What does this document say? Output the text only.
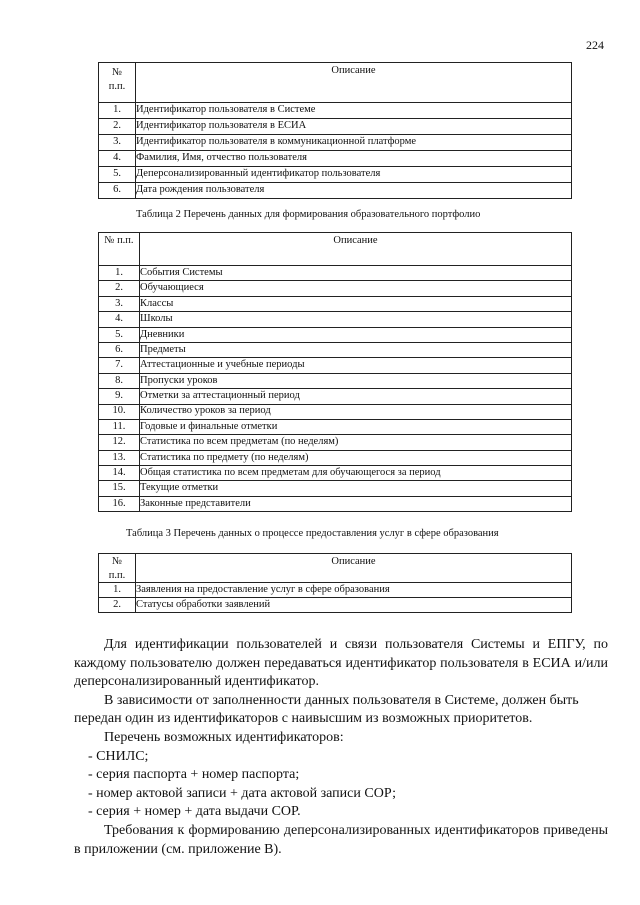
224
№
п.п.	Описание
1.	Идентификатор пользователя в Системе
2.	Идентификатор пользователя в ЕСИА
3.	Идентификатор пользователя в коммуникационной платформе
4.	Фамилия, Имя, отчество пользователя
5.	Деперсонализированный идентификатор пользователя
6.	Дата рождения пользователя
Таблица 2 Перечень данных для формирования образовательного портфолио
№ п.п.	Описание
1.	События Системы
2.	Обучающиеся
3.	Классы
4.	Школы
5.	Дневники
6.	Предметы
7.	Аттестационные и учебные периоды
8.	Пропуски уроков
9.	Отметки за аттестационный период
10.	Количество уроков за период
11.	Годовые и финальные отметки
12.	Статистика по всем предметам (по неделям)
13.	Статистика по предмету (по неделям)
14.	Общая статистика по всем предметам для обучающегося за период
15.	Текущие отметки
16.	Законные представители
Таблица 3 Перечень данных о процессе предоставления услуг в сфере образования
№
п.п.	Описание
1.	Заявления на предоставление услуг в сфере образования
2.	Статусы обработки заявлений

Для идентификации пользователей и связи пользователя Системы и ЕПГУ, по каждому пользователю должен передаваться идентификатор пользователя в ЕСИА и/или деперсонализированный идентификатор.

В зависимости от заполненности данных пользователя в Системе, должен быть передан один из идентификаторов с наивысшим из возможных приоритетов.

Перечень возможных идентификаторов:

- СНИЛС;

- серия паспорта + номер паспорта;

- номер актовой записи + дата актовой записи СОР;

- серия + номер + дата выдачи СОР.

Требования к формированию деперсонализированных идентификаторов приведены в приложении (см. приложение В).
